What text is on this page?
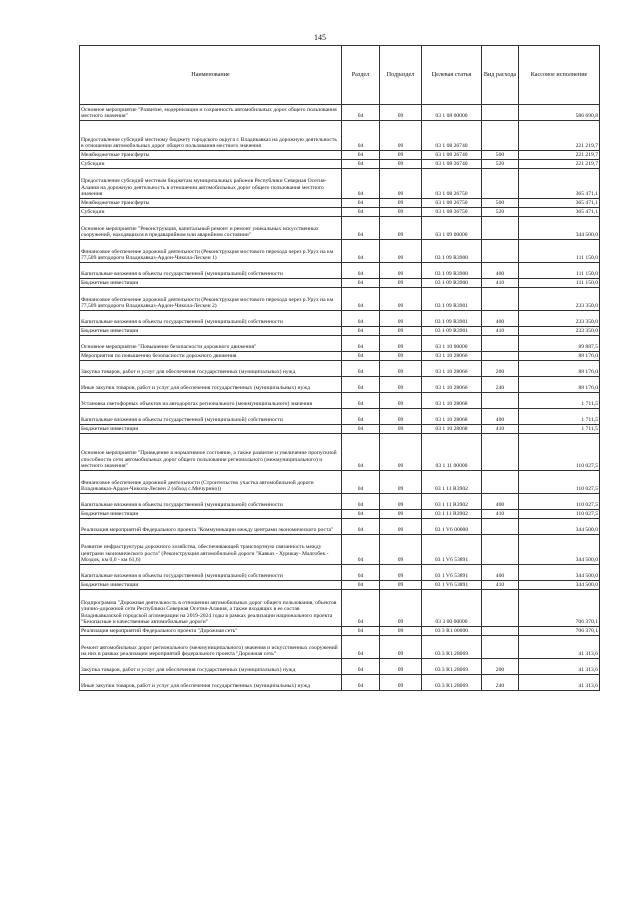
145
Наименование	Раздел	Подраздел	Целевая статья	Вид расхода	Кассовое исполнение
Основное мероприятие "Развитие, модернизация и сохранность автомобильных дорог общего пользования местного значения"	04	09	03 1 08 00000		586 690,8
Предоставление субсидий местному бюджету городского округа г. Владикавказ на дорожную деятельность в отношении автомобильных дорог общего пользования местного значения	04	09	03 1 08 26740		221 219,7
Межбюджетные трансферты	04	09	03 1 08 26740	500	221 219,7
Субсидии	04	09	03 1 08 26740	520	221 219,7
Предоставление субсидий местным бюджетам муниципальных районов Республики Северная Осетия-Алания на дорожную деятельность в отношении автомобильных дорог общего пользования местного значения	04	09	03 1 08 26750		365 471,1
Межбюджетные трансферты	04	09	03 1 08 26750	500	365 471,1
Субсидии	04	09	03 1 08 26750	520	365 471,1
Основное мероприятие "Реконструкция, капитальный ремонт и ремонт уникальных искусственных сооружений, находящихся в предаварийном или аварийном состоянии"	04	09	03 1 09 00000		344 500,0
Финансовое обеспечение дорожной деятельности (Реконструкция мостового перехода через р.Урух на км 77,509 автодороги Владикавказ-Ардон-Чикола-Лескен 1)	04	09	03 1 09 R3900		111 150,0
Капитальные вложения в объекты государственной (муниципальной) собственности	04	09	03 1 09 R3900	400	111 150,0
Бюджетные инвестиции	04	09	03 1 09 R3900	410	111 150,0
Финансовое обеспечение дорожной деятельности (Реконструкция мостового перехода через р.Урух на км 77,509 автодороги Владикавказ-Ардон-Чикола-Лескен 2)	04	09	03 1 09 R3901		233 350,0
Капитальные вложения в объекты государственной (муниципальной) собственности	04	09	03 1 09 R3901	400	233 350,0
Бюджетные инвестиции	04	09	03 1 09 R3901	410	233 350,0
Основное мероприятие "Повышение безопасности дорожного движения"	04	09	03 1 10 00000		89 887,5
Мероприятия по повышению безопасности дорожного движения	04	09	03 1 10 28066		88 176,0
Закупка товаров, работ и услуг для обеспечения государственных (муниципальных) нужд	04	09	03 1 10 28066	200	88 176,0
Иные закупки товаров, работ и услуг для обеспечения государственных (муниципальных) нужд	04	09	03 1 10 28066	240	88 176,0
Установка светофорных объектов на автодорогах регионального (межмуниципального) значения	04	09	03 1 10 28068		1 711,5
Капитальные вложения в объекты государственной (муниципальной) собственности	04	09	03 1 10 28068	400	1 711,5
Бюджетные инвестиции	04	09	03 1 10 28068	410	1 711,5
Основное мероприятие "Приведение в нормативное состояние, а также развитие и увеличение пропускной способности сети автомобильных дорог общего пользования регионального (межмуниципального) и местного значения"	04	09	03 1 11 00000		110 027,5
Финансовое обеспечение дорожной деятельности (Строительство участка автомобильной дороги Владикавказ-Ардон-Чикола-Лескен 2 (обход с.Мичурино))	04	09	03 1 11 R3902		110 027,5
Капитальные вложения в объекты государственной (муниципальной) собственности	04	09	03 1 11 R3902	400	110 027,5
Бюджетные инвестиции	04	09	03 1 11 R3902	410	110 027,5
Реализация мероприятий Федерального проекта "Коммуникации между центрами экономического роста"	04	09	03 1 V6 00000		344 500,0
Развитие инфраструктуры дорожного хозяйства, обеспечивающей транспортную связанность между центрами экономического роста" (Реконструкция автомобильной дороги "Кавказ - Хурикау- Малгобек - Моздок, км 0,0 - км 61,6)	04	09	03 1 V6 53891		344 500,0
Капитальные вложения в объекты государственной (муниципальной) собственности	04	09	03 1 V6 53891	400	344 500,0
Бюджетные инвестиции	04	09	03 1 V6 53891	410	344 500,0
Подпрограмма "Дорожная деятельность в отношении автомобильных дорог общего пользования, объектов улично-дорожной сети Республики Северная Осетия-Алания, а также входящих в ее состав Владикавказской городской агломерации на 2019-2024 годы в рамках реализации национального проекта "Безопасные и качественные автомобильные дороги"	04	09	03 3 00 00000		706 370,1
Реализация мероприятий Федерального проекта "Дорожная сеть"	04	09	03 3 R1 00000		706 370,1
Ремонт автомобильных дорог регионального (межмуниципального) значения и искусственных сооружений на них в рамках реализации мероприятий федерального проекта "Дорожная сеть"	04	09	03 3 R1 28069		41 313,6
Закупка товаров, работ и услуг для обеспечения государственных (муниципальных) нужд	04	09	03 3 R1 28069	200	41 313,6
Иные закупки товаров, работ и услуг для обеспечения государственных (муниципальных) нужд	04	09	03 3 R1 28069	240	41 313,6
